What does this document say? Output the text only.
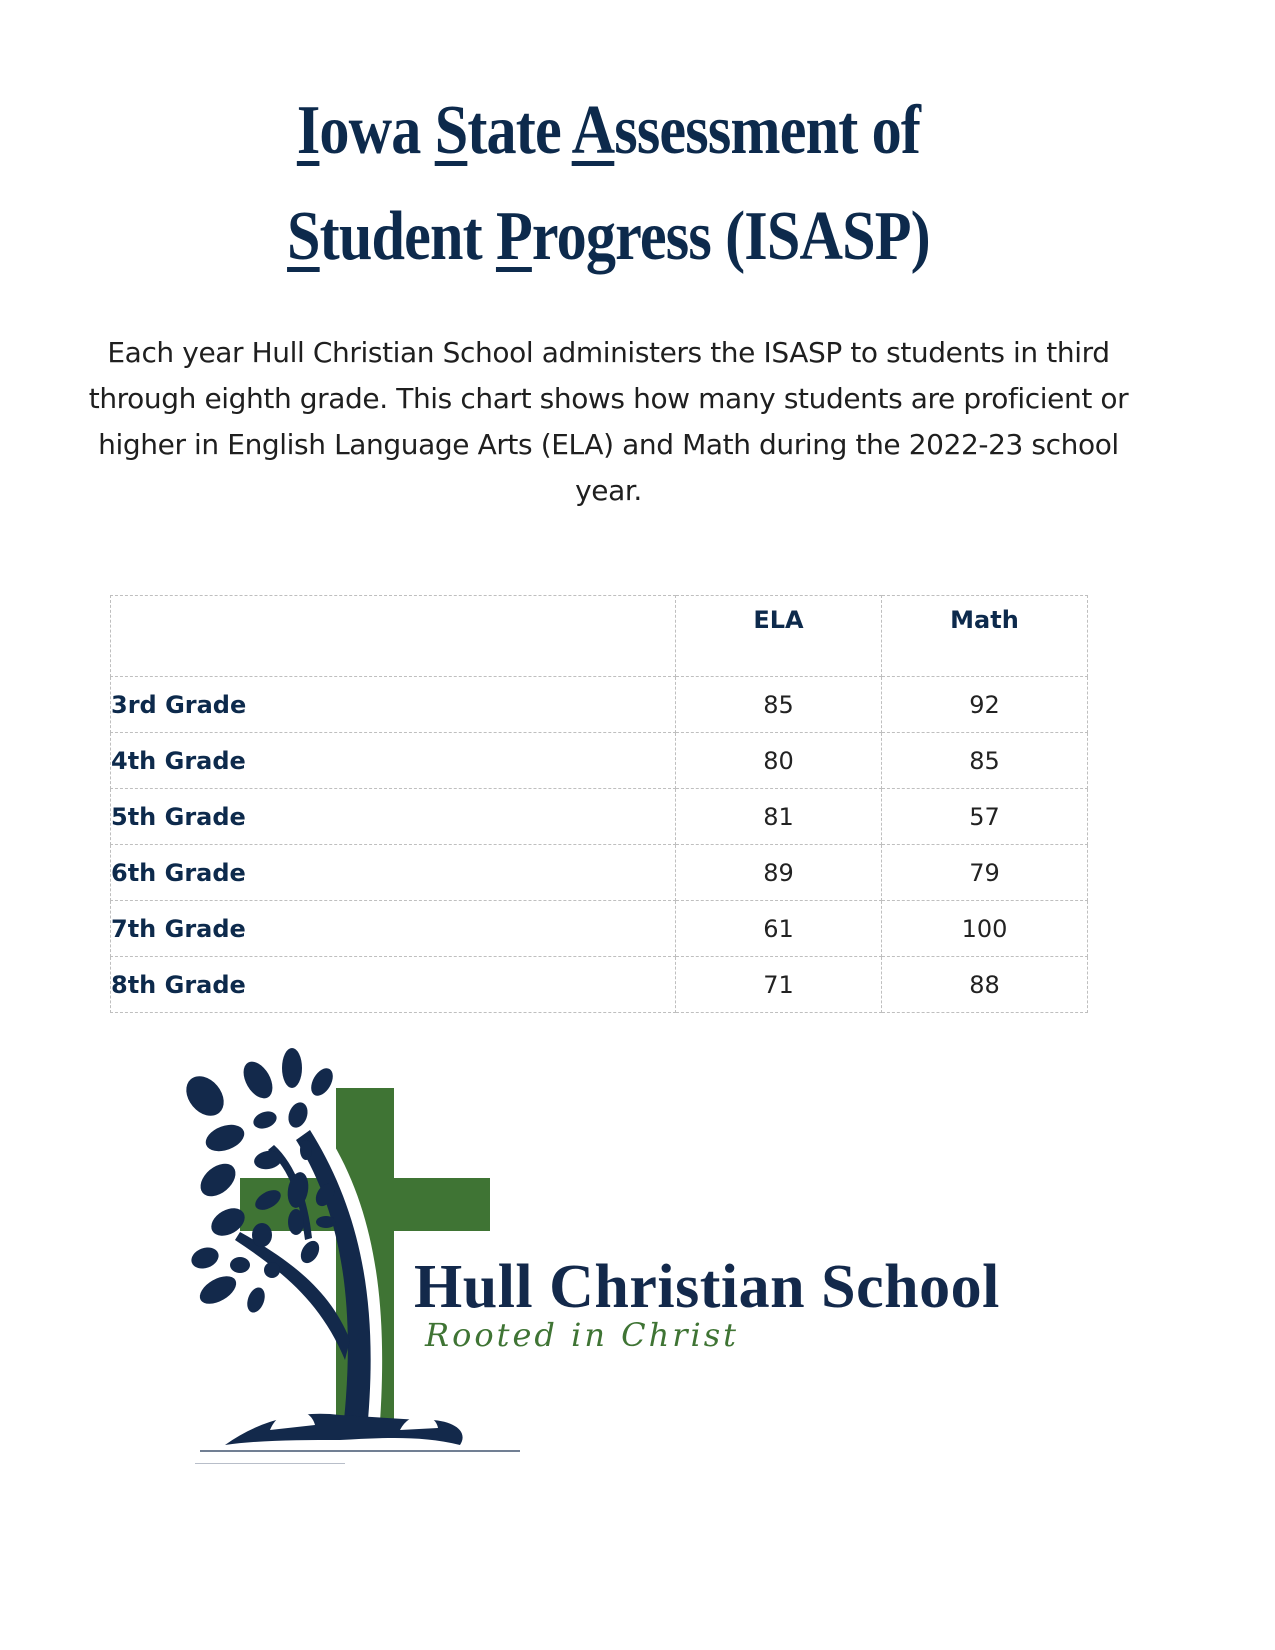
Iowa State Assessment of
Student Progress (ISASP)
Each year Hull Christian School administers the ISASP to students in third through eighth grade. This chart shows how many students are proficient or higher in English Language Arts (ELA) and Math during the 2022-23 school year.
	ELA	Math
3rd Grade	85	92
4th Grade	80	85
5th Grade	81	57
6th Grade	89	79
7th Grade	61	100
8th Grade	71	88
Hull Christian School
Rooted in Christ
